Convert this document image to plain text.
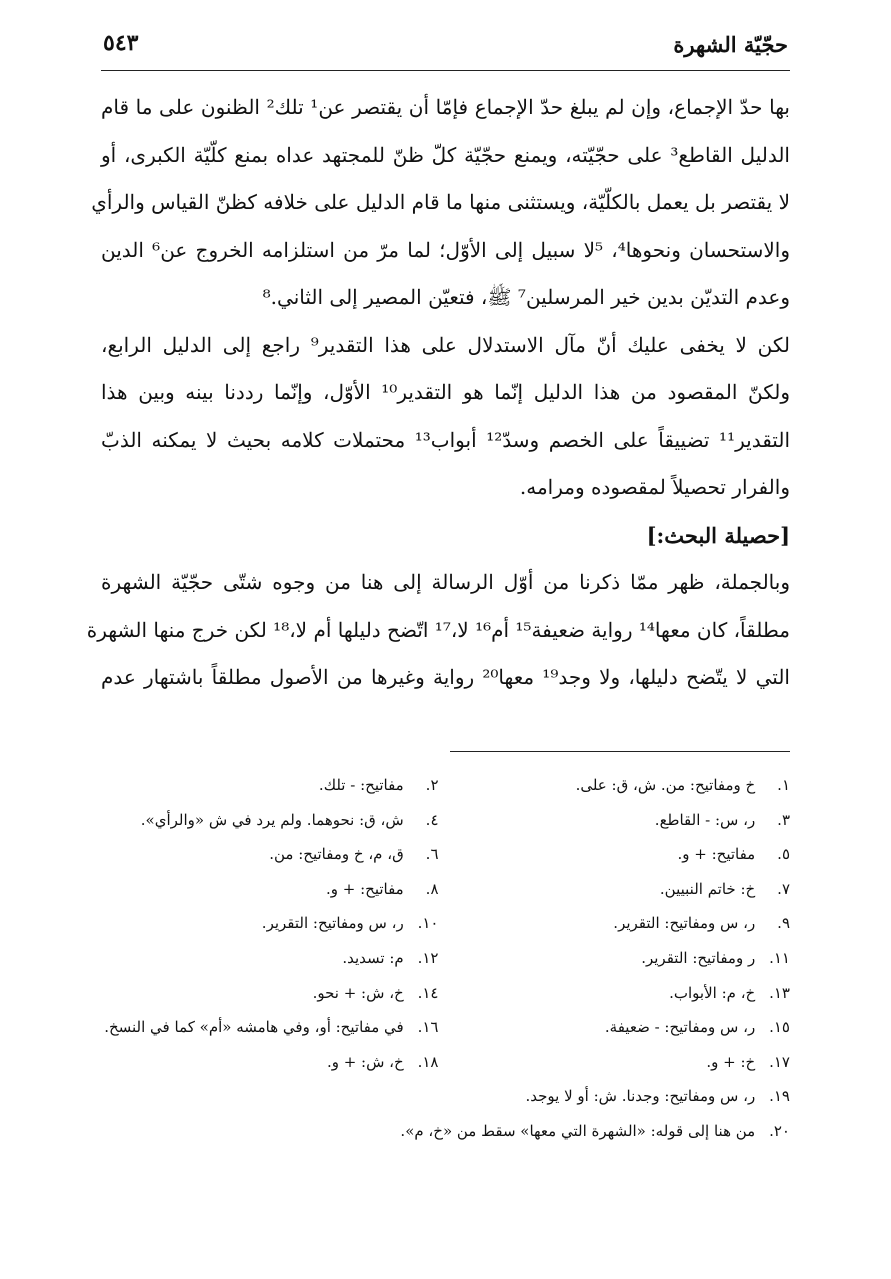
حجّيّة الشهرة
٥٤٣

بها حدّ الإجماع، وإن لم يبلغ حدّ الإجماع فإمّا أن يقتصر عن¹ تلك² الظنون على ما قام
الدليل القاطع³ على حجّيّته، ويمنع حجّيّة كلّ ظنّ للمجتهد عداه بمنع كلّيّة الكبرى، أو
لا يقتصر بل يعمل بالكلّيّة، ويستثنى منها ما قام الدليل على خلافه كظنّ القياس والرأي
والاستحسان ونحوها⁴، ⁵لا سبيل إلى الأوّل؛ لما مرّ من استلزامه الخروج عن⁶ الدين
وعدم التديّن بدين خير المرسلين⁷ ﷺ، فتعيّن المصير إلى الثاني.⁸

لكن لا يخفى عليك أنّ مآل الاستدلال على هذا التقدير⁹ راجع إلى الدليل الرابع،
ولكنّ المقصود من هذا الدليل إنّما هو التقدير¹⁰ الأوّل، وإنّما رددنا بينه وبين هذا
التقدير¹¹ تضييقاً على الخصم وسدّ¹² أبواب¹³ محتملات كلامه بحيث لا يمكنه الذبّ
والفرار تحصيلاً لمقصوده ومرامه.

[حصيلة البحث:]

وبالجملة، ظهر ممّا ذكرنا من أوّل الرسالة إلى هنا من وجوه شتّى حجّيّة الشهرة
مطلقاً، كان معها¹⁴ رواية ضعيفة¹⁵ أم¹⁶ لا،¹⁷ اتّضح دليلها أم لا،¹⁸ لكن خرج منها الشهرة
التي لا يتّضح دليلها، ولا وجد¹⁹ معها²⁰ رواية وغيرها من الأصول مطلقاً باشتهار عدم

١. خ ومفاتيح: من. ش، ق: على.
٢. مفاتيح: - تلك.
٣. ر، س: - القاطع.
٤. ش، ق: نحوهما. ولم يرد في ش «والرأي».
٥. مفاتيح: + و.
٦. ق، م، خ ومفاتيح: من.
٧. خ: خاتم النبيين.
٨. مفاتيح: + و.
٩. ر، س ومفاتيح: التقرير.
١٠. ر، س ومفاتيح: التقرير.
١١. ر ومفاتيح: التقرير.
١٢. م: تسديد.
١٣. خ، م: الأبواب.
١٤. خ، ش: + نحو.
١٥. ر، س ومفاتيح: - ضعيفة.
١٦. في مفاتيح: أو، وفي هامشه «أم» كما في النسخ.
١٧. خ: + و.
١٨. خ، ش: + و.
١٩. ر، س ومفاتيح: وجدنا. ش: أو لا يوجد.
٢٠. من هنا إلى قوله: «الشهرة التي معها» سقط من «خ، م».
